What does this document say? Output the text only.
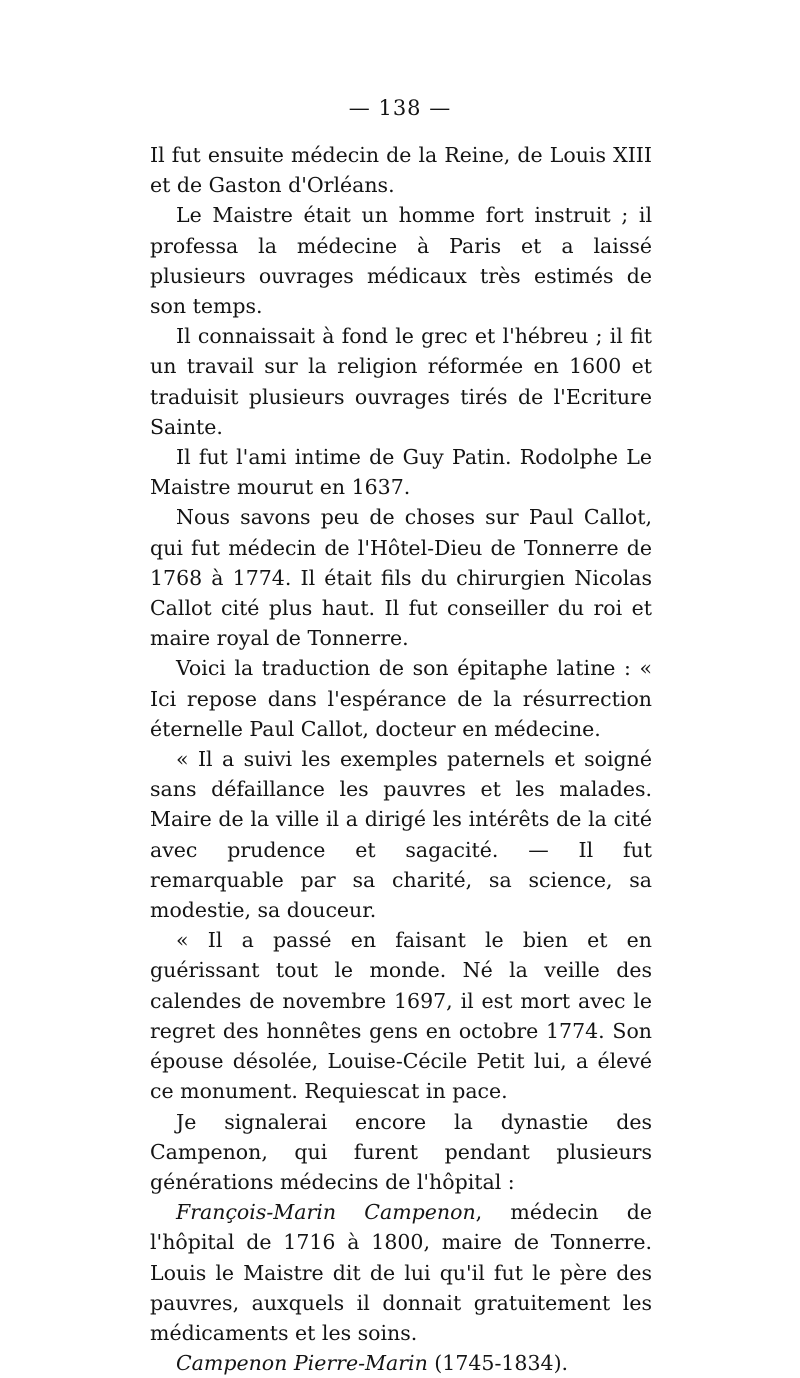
— 138 —

Il fut ensuite médecin de la Reine, de Louis XIII et de Gaston d'Orléans.

Le Maistre était un homme fort instruit ; il professa la médecine à Paris et a laissé plusieurs ouvrages médicaux très estimés de son temps.

Il connaissait à fond le grec et l'hébreu ; il fit un travail sur la religion réformée en 1600 et traduisit plusieurs ouvrages tirés de l'Ecriture Sainte.

Il fut l'ami intime de Guy Patin. Rodolphe Le Maistre mourut en 1637.

Nous savons peu de choses sur Paul Callot, qui fut médecin de l'Hôtel-Dieu de Tonnerre de 1768 à 1774. Il était fils du chirurgien Nicolas Callot cité plus haut. Il fut conseiller du roi et maire royal de Tonnerre.

Voici la traduction de son épitaphe latine : « Ici repose dans l'espérance de la résurrection éternelle Paul Callot, docteur en médecine.

« Il a suivi les exemples paternels et soigné sans défaillance les pauvres et les malades. Maire de la ville il a dirigé les intérêts de la cité avec prudence et sagacité. — Il fut remarquable par sa charité, sa science, sa modestie, sa douceur.

« Il a passé en faisant le bien et en guérissant tout le monde. Né la veille des calendes de novembre 1697, il est mort avec le regret des honnêtes gens en octobre 1774. Son épouse désolée, Louise-Cécile Petit lui, a élevé ce monument. Requiescat in pace.

Je signalerai encore la dynastie des Campenon, qui furent pendant plusieurs générations médecins de l'hôpital :

François-Marin Campenon, médecin de l'hôpital de 1716 à 1800, maire de Tonnerre. Louis le Maistre dit de lui qu'il fut le père des pauvres, auxquels il donnait gratuitement les médicaments et les soins.

Campenon Pierre-Marin (1745-1834).
